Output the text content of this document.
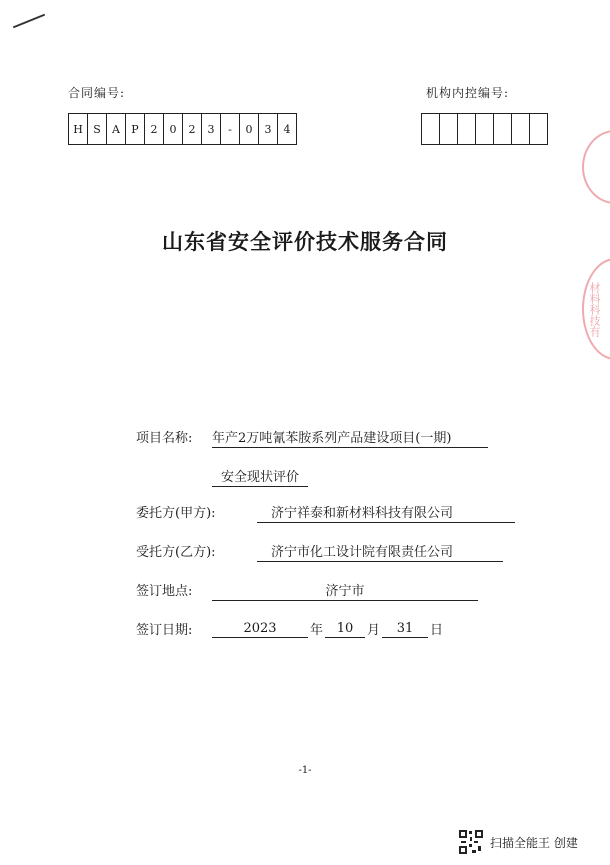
合同编号:
H S	A	P	2	0	2	3	-	0	3	4
机构内控编号:
材料科技有
山东省安全评价技术服务合同
项目名称: 年产2万吨氰苯胺系列产品建设项目(一期)
安全现状评价
委托方(甲方):	济宁祥泰和新材料科技有限公司
受托方(乙方):	济宁市化工设计院有限责任公司
签订地点:	济宁市
签订日期:	2023	年	10	月	31	日
-1-
扫描全能王 创建
